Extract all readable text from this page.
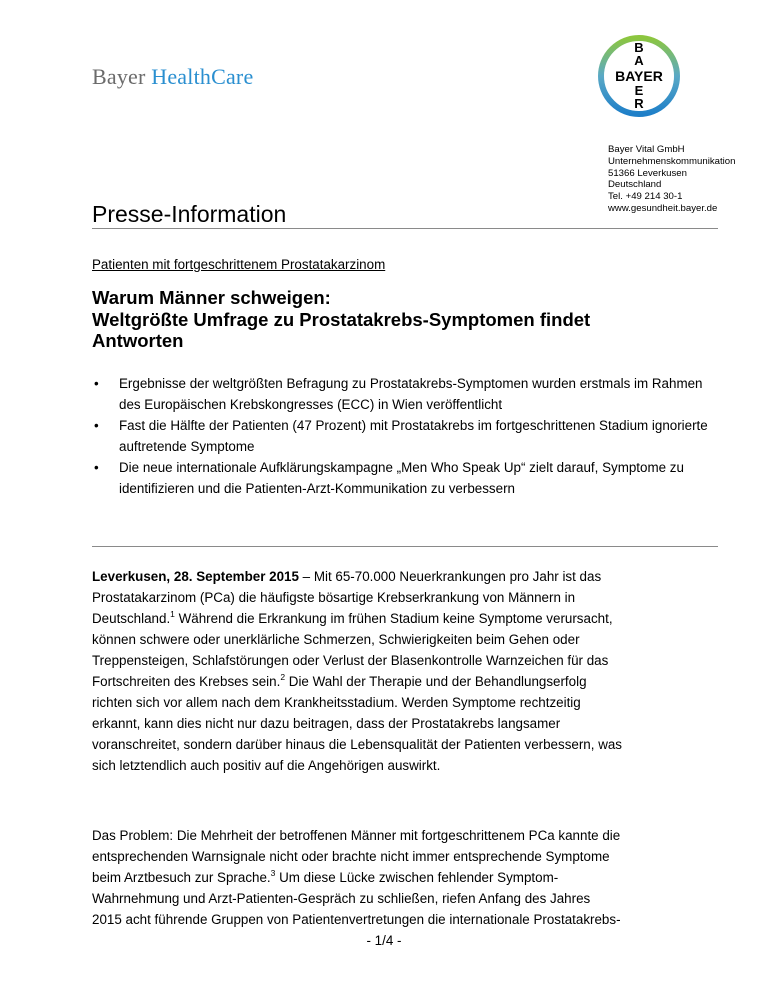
Bayer HealthCare
B
A
BAYER
E
R
Bayer Vital GmbH
Unternehmenskommunikation
51366 Leverkusen
Deutschland
Tel. +49 214 30-1
www.gesundheit.bayer.de
Presse-Information
Patienten mit fortgeschrittenem Prostatakarzinom
Warum Männer schweigen:
Weltgrößte Umfrage zu Prostatakrebs-Symptomen findet
Antworten
• Ergebnisse der weltgrößten Befragung zu Prostatakrebs-Symptomen wurden erstmals im Rahmen des Europäischen Krebskongresses (ECC) in Wien veröffentlicht
• Fast die Hälfte der Patienten (47 Prozent) mit Prostatakrebs im fortgeschrittenen Stadium ignorierte auftretende Symptome
• Die neue internationale Aufklärungskampagne „Men Who Speak Up“ zielt darauf, Symptome zu identifizieren und die Patienten-Arzt-Kommunikation zu verbessern
Leverkusen, 28. September 2015 – Mit 65-70.000 Neuerkrankungen pro Jahr ist das
Prostatakarzinom (PCa) die häufigste bösartige Krebserkrankung von Männern in
Deutschland.$^1$ Während die Erkrankung im frühen Stadium keine Symptome verursacht,
können schwere oder unerklärliche Schmerzen, Schwierigkeiten beim Gehen oder
Treppensteigen, Schlafstörungen oder Verlust der Blasenkontrolle Warnzeichen für das
Fortschreiten des Krebses sein.$^2$ Die Wahl der Therapie und der Behandlungserfolg
richten sich vor allem nach dem Krankheitsstadium. Werden Symptome rechtzeitig
erkannt, kann dies nicht nur dazu beitragen, dass der Prostatakrebs langsamer
voranschreitet, sondern darüber hinaus die Lebensqualität der Patienten verbessern, was
sich letztendlich auch positiv auf die Angehörigen auswirkt.
Das Problem: Die Mehrheit der betroffenen Männer mit fortgeschrittenem PCa kannte die
entsprechenden Warnsignale nicht oder brachte nicht immer entsprechende Symptome
beim Arztbesuch zur Sprache.$^3$ Um diese Lücke zwischen fehlender Symptom-
Wahrnehmung und Arzt-Patienten-Gespräch zu schließen, riefen Anfang des Jahres
2015 acht führende Gruppen von Patientenvertretungen die internationale Prostatakrebs-
- 1/4 -
